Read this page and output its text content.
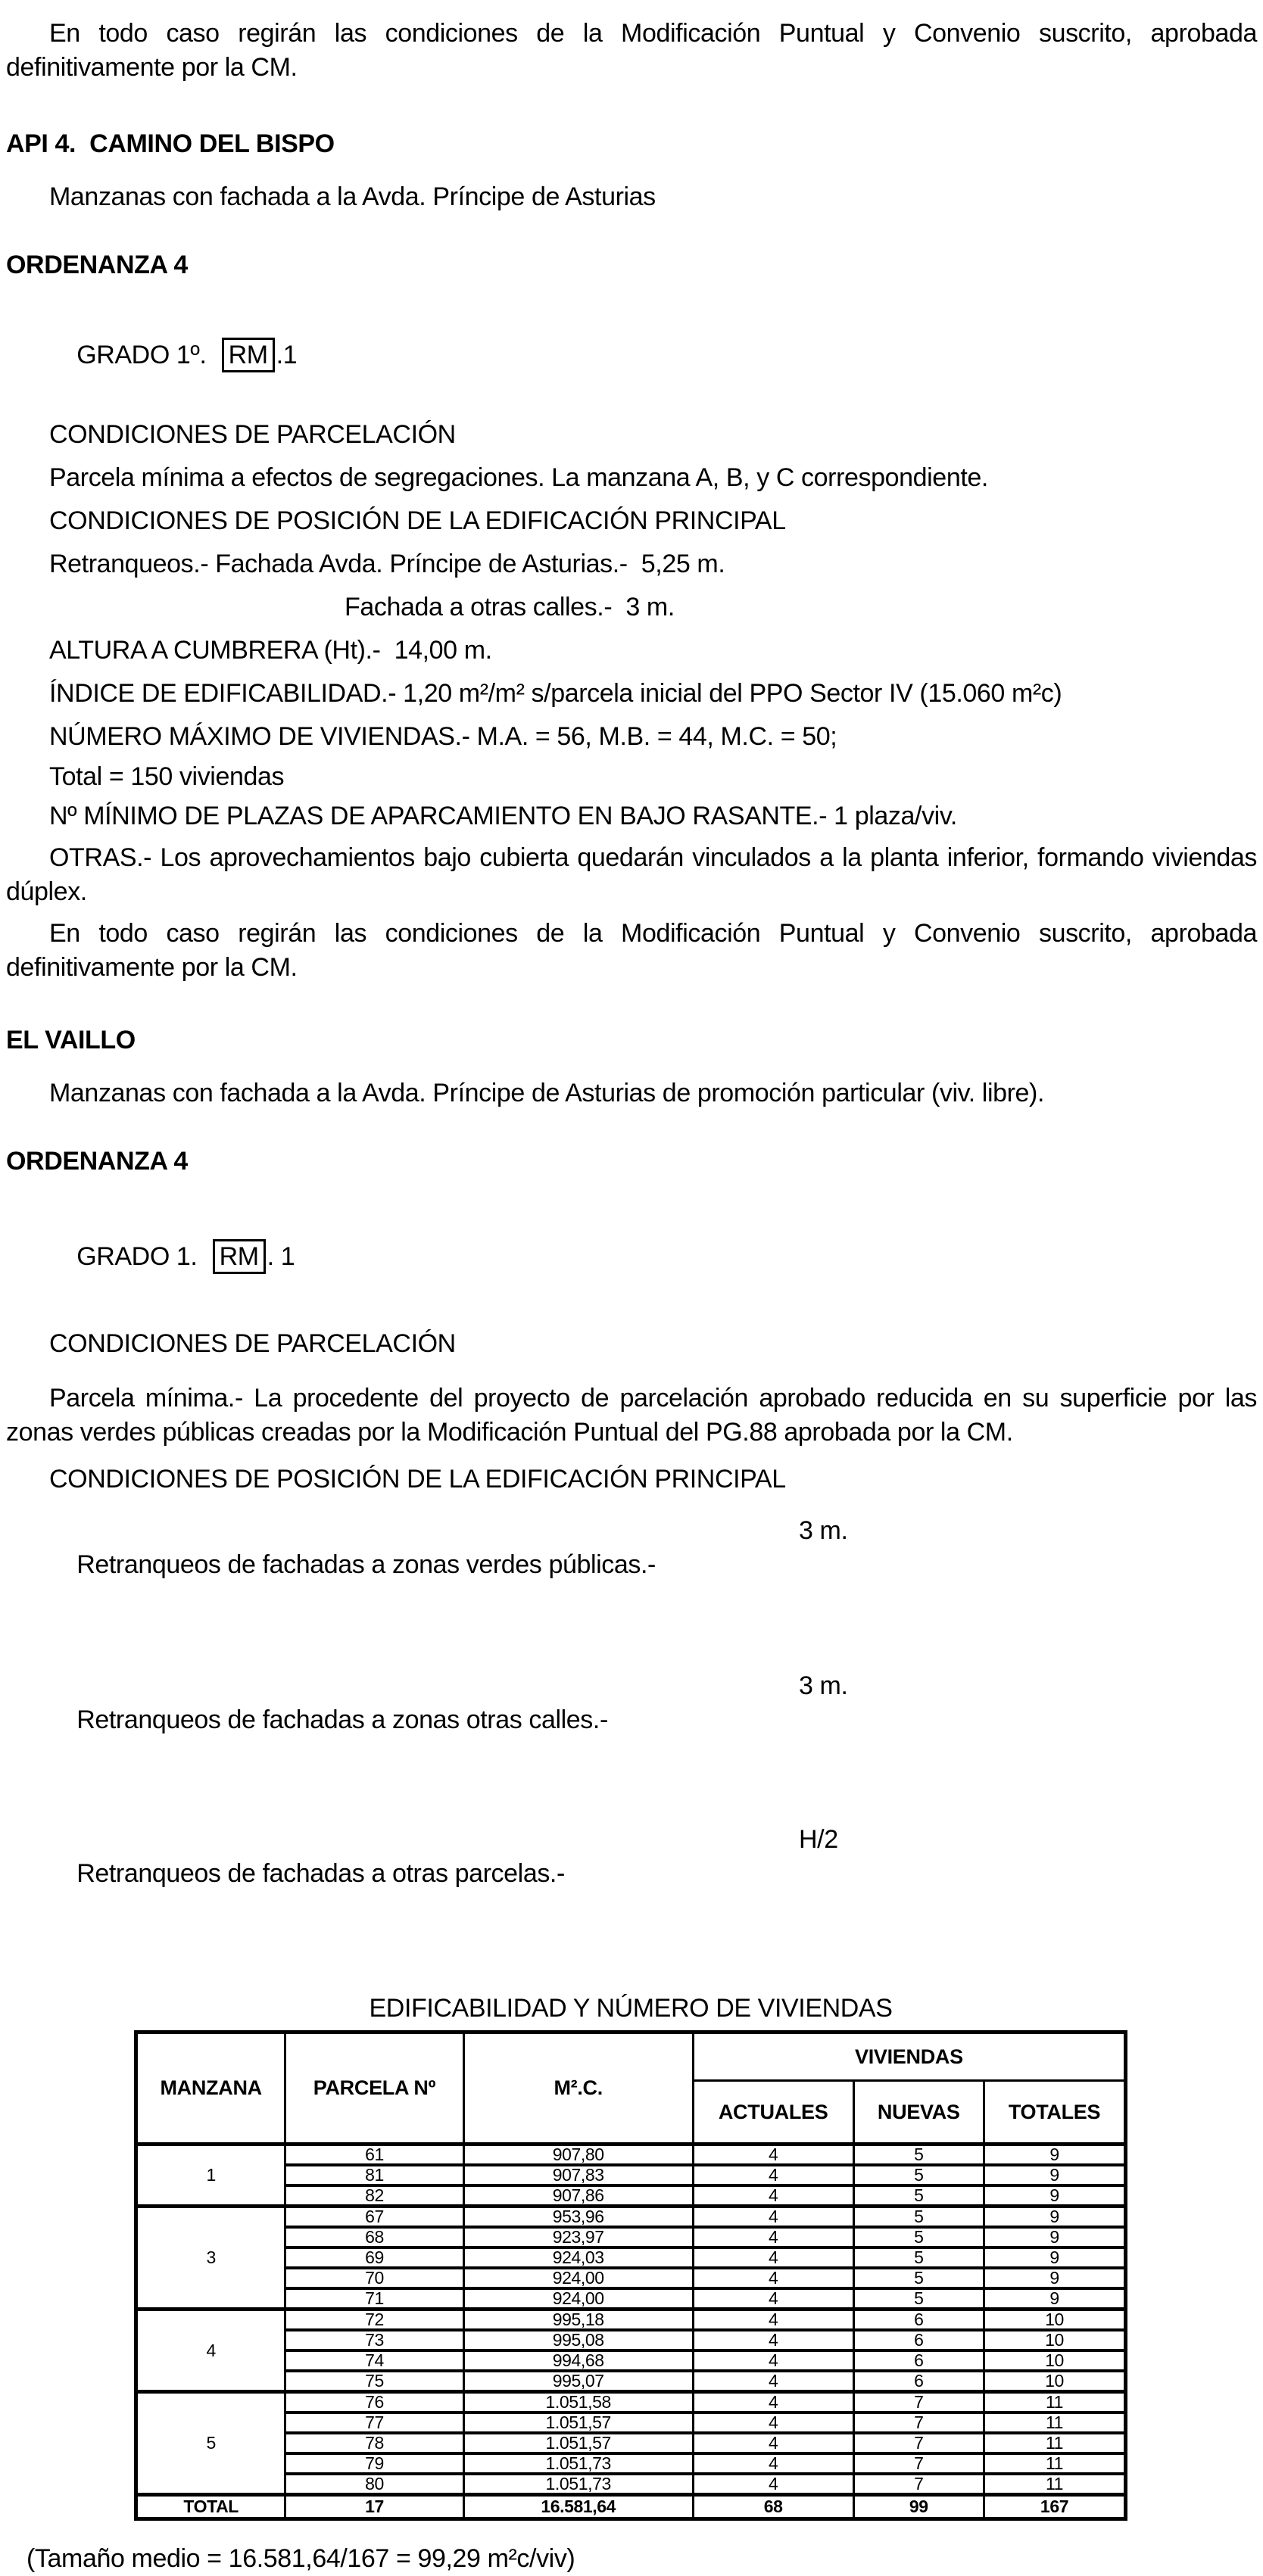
En todo caso regirán las condiciones de la Modificación Puntual y Convenio suscrito, aprobada definitivamente por la CM.

API 4.  CAMINO DEL BISPO
Manzanas con fachada a la Avda. Príncipe de Asturias
ORDENANZA 4

GRADO 1º.  RM .1

CONDICIONES DE PARCELACIÓN
Parcela mínima a efectos de segregaciones. La manzana A, B, y C correspondiente.
CONDICIONES DE POSICIÓN DE LA EDIFICACIÓN PRINCIPAL
Retranqueos.- Fachada Avda. Príncipe de Asturias.-  5,25 m.
Fachada a otras calles.-  3 m.
ALTURA A CUMBRERA (Ht).-  14,00 m.
ÍNDICE DE EDIFICABILIDAD.- 1,20 m²/m² s/parcela inicial del PPO Sector IV (15.060 m²c)
NÚMERO MÁXIMO DE VIVIENDAS.- M.A. = 56, M.B. = 44, M.C. = 50;
Total = 150 viviendas
Nº MÍNIMO DE PLAZAS DE APARCAMIENTO EN BAJO RASANTE.- 1 plaza/viv.

OTRAS.- Los aprovechamientos bajo cubierta quedarán vinculados a la planta inferior, formando viviendas dúplex.

En todo caso regirán las condiciones de la Modificación Puntual y Convenio suscrito, aprobada definitivamente por la CM.

EL VAILLO
Manzanas con fachada a la Avda. Príncipe de Asturias de promoción particular (viv. libre).
ORDENANZA 4

GRADO 1.  RM . 1

CONDICIONES DE PARCELACIÓN

Parcela mínima.- La procedente del proyecto de parcelación aprobado reducida en su superficie por las zonas verdes públicas creadas por la Modificación Puntual del PG.88 aprobada por la CM.

CONDICIONES DE POSICIÓN DE LA EDIFICACIÓN PRINCIPAL

Retranqueos de fachadas a zonas verdes públicas.-

3 m.

Retranqueos de fachadas a zonas otras calles.-

3 m.

Retranqueos de fachadas a otras parcelas.-

H/2

EDIFICABILIDAD Y NÚMERO DE VIVIENDAS
MANZANA	PARCELA Nº	M².C.	VIVIENDAS		
			ACTUALES	NUEVAS	TOTALES
1	61	907,80	4	5	9
	81	907,83	4	5	9
	82	907,86	4	5	9
3	67	953,96	4	5	9
	68	923,97	4	5	9
	69	924,03	4	5	9
	70	924,00	4	5	9
	71	924,00	4	5	9
4	72	995,18	4	6	10
	73	995,08	4	6	10
	74	994,68	4	6	10
	75	995,07	4	6	10
5	76	1.051,58	4	7	11
	77	1.051,57	4	7	11
	78	1.051,57	4	7	11
	79	1.051,73	4	7	11
	80	1.051,73	4	7	11
TOTAL	17	16.581,64	68	99	167
(Tamaño medio = 16.581,64/167 = 99,29 m²c/viv)
